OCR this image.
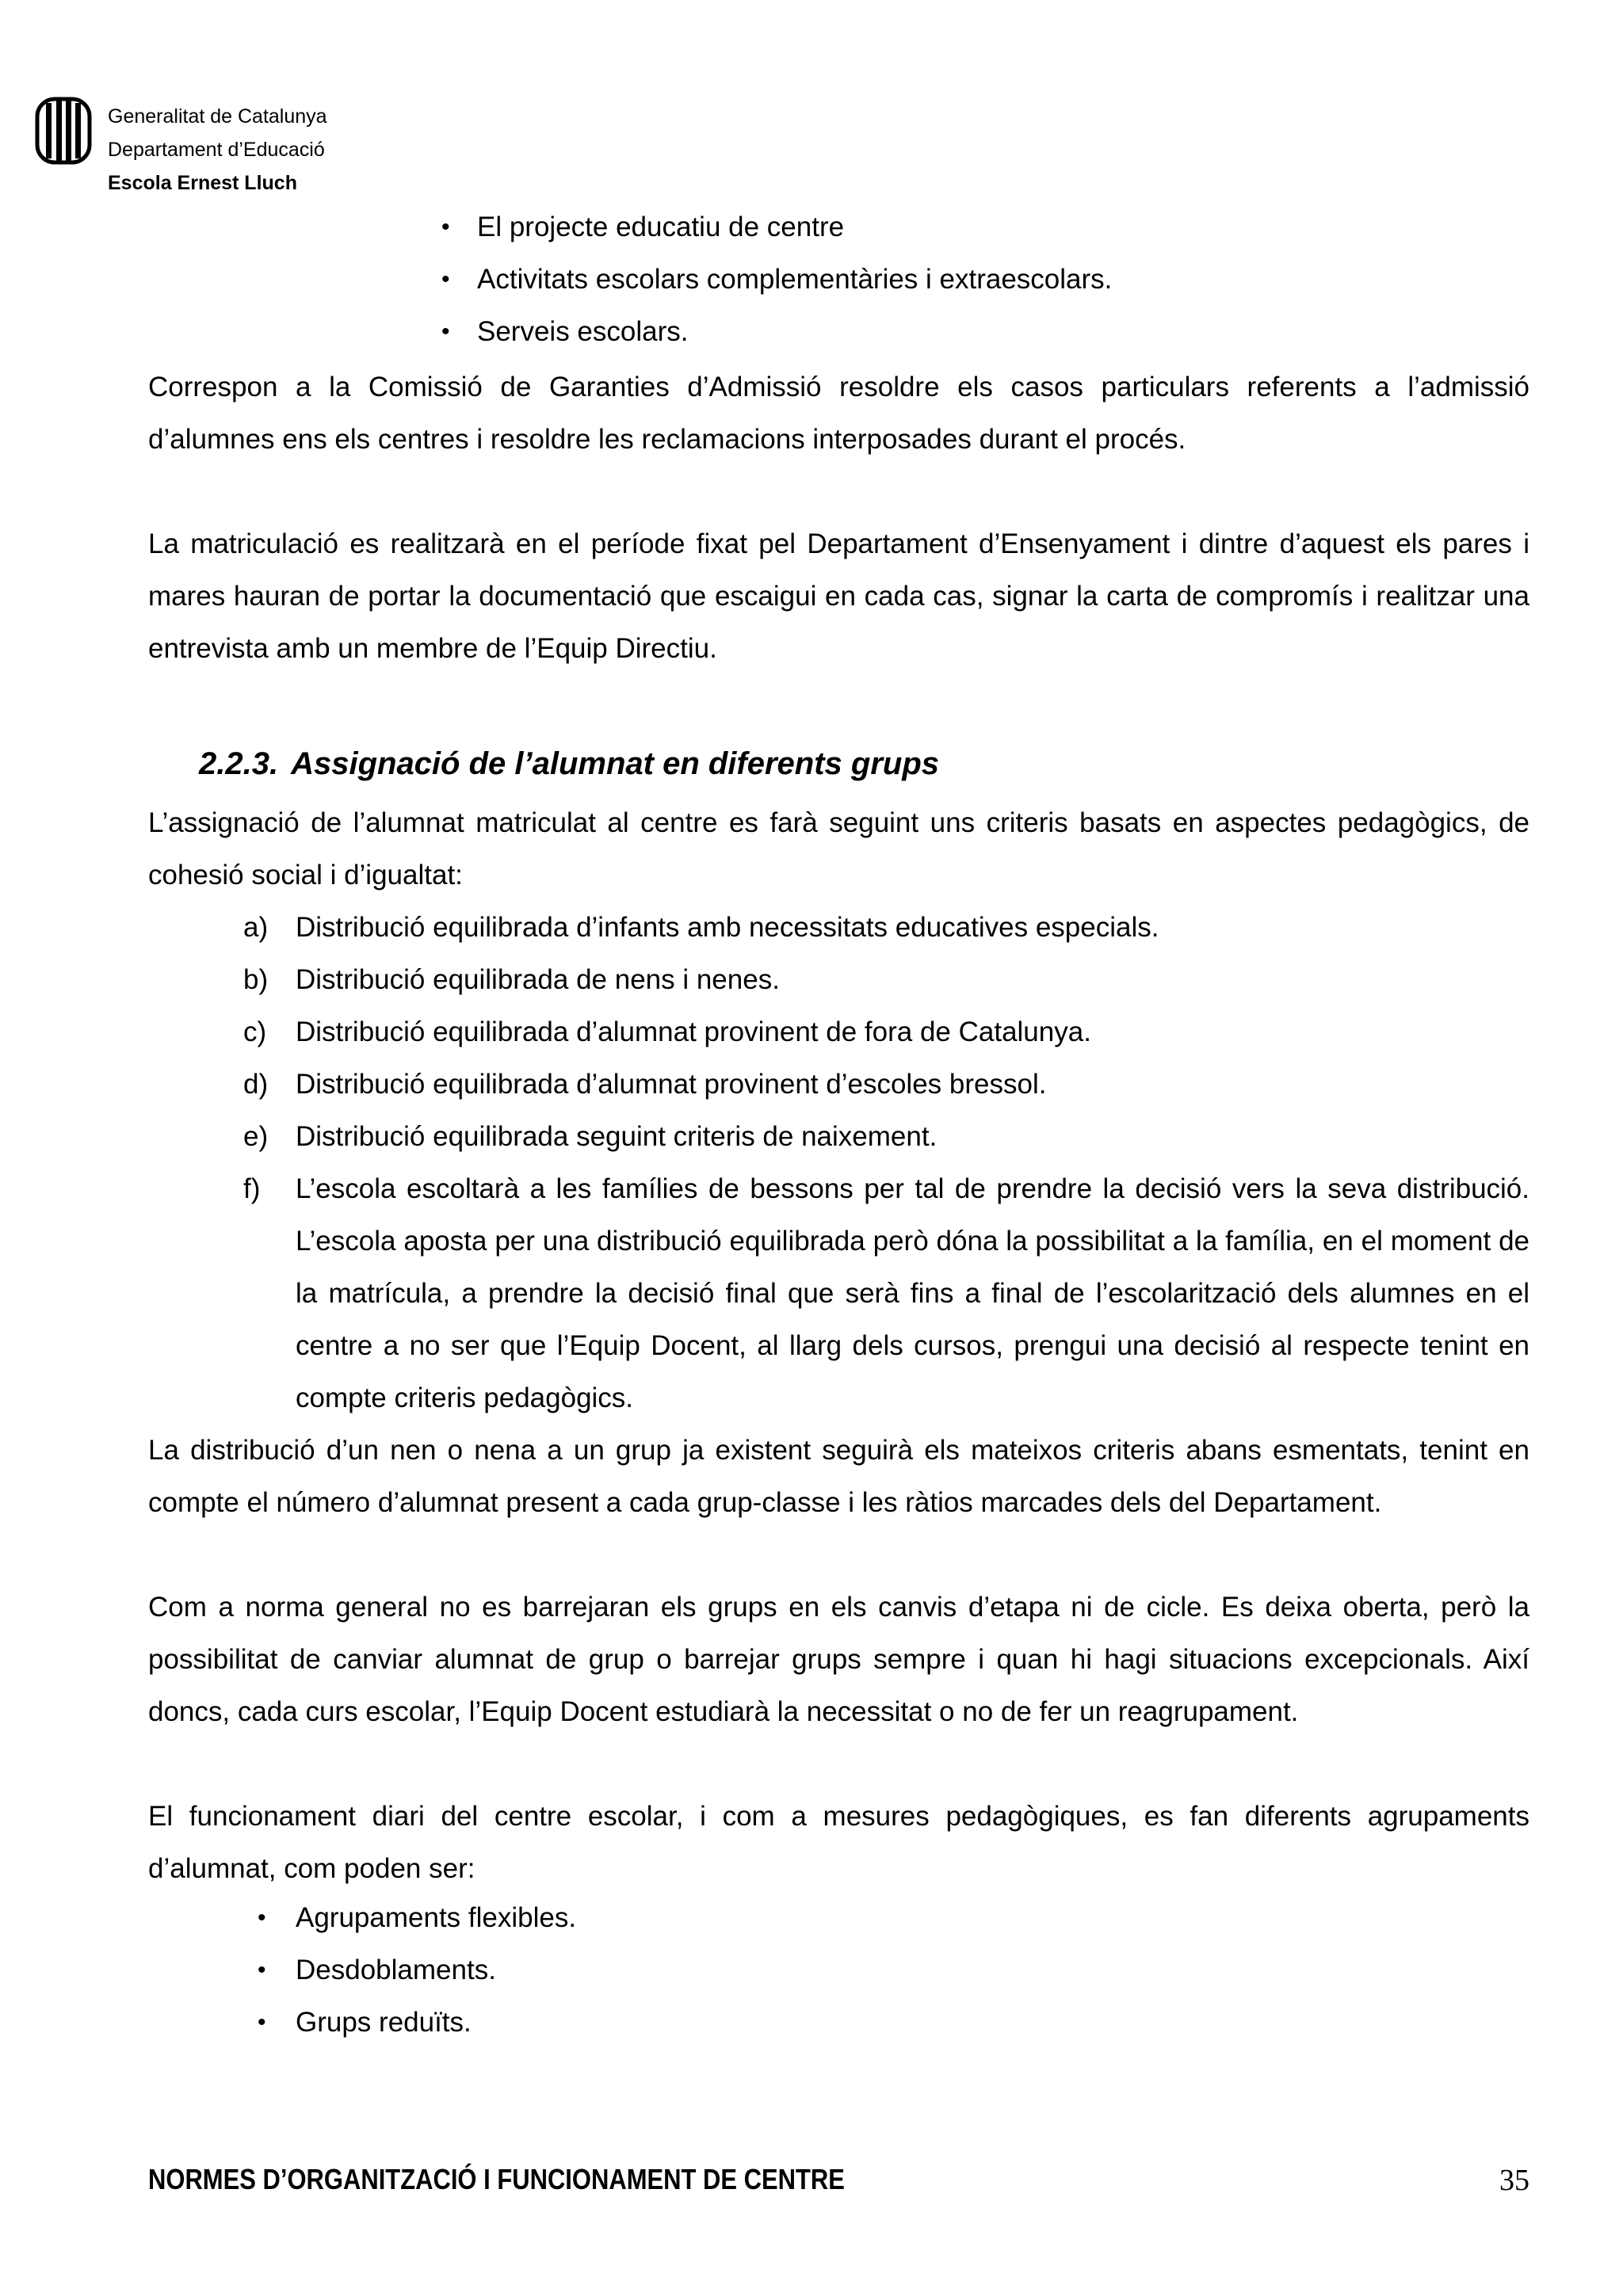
Generalitat de Catalunya
Departament d’Educació
Escola Ernest Lluch
• El projecte educatiu de centre
• Activitats escolars complementàries i extraescolars.
• Serveis escolars.

Correspon a la Comissió de Garanties d’Admissió resoldre els casos particulars referents a l’admissió d’alumnes ens els centres i resoldre les reclamacions interposades durant el procés.

La matriculació es realitzarà en el període fixat pel Departament d’Ensenyament i dintre d’aquest els pares i mares hauran de portar la documentació que escaigui en cada cas, signar la carta de compromís i realitzar una entrevista amb un membre de l’Equip Directiu.

2.2.3. Assignació de l’alumnat en diferents grups

L’assignació de l’alumnat matriculat al centre es farà seguint uns criteris basats en aspectes pedagògics, de cohesió social i d’igualtat:

a) Distribució equilibrada d’infants amb necessitats educatives especials.
b) Distribució equilibrada de nens i nenes.
c) Distribució equilibrada d’alumnat provinent de fora de Catalunya.
d) Distribució equilibrada d’alumnat provinent d’escoles bressol.
e) Distribució equilibrada seguint criteris de naixement.
f) L’escola escoltarà a les famílies de bessons per tal de prendre la decisió vers la seva distribució. L’escola aposta per una distribució equilibrada però dóna la possibilitat a la família, en el moment de la matrícula, a prendre la decisió final que serà fins a final de l’escolarització dels alumnes en el centre a no ser que l’Equip Docent, al llarg dels cursos, prengui una decisió al respecte tenint en compte criteris pedagògics.

La distribució d’un nen o nena a un grup ja existent seguirà els mateixos criteris abans esmentats, tenint en compte el número d’alumnat present a cada grup-classe i les ràtios marcades dels del Departament.

Com a norma general no es barrejaran els grups en els canvis d’etapa ni de cicle. Es deixa oberta, però la possibilitat de canviar alumnat de grup o barrejar grups sempre i quan hi hagi situacions excepcionals. Així doncs, cada curs escolar, l’Equip Docent estudiarà la necessitat o no de fer un reagrupament.

El funcionament diari del centre escolar, i com a mesures pedagògiques, es fan diferents agrupaments d’alumnat, com poden ser:

• Agrupaments flexibles.
• Desdoblaments.
• Grups reduïts.
NORMES D’ORGANITZACIÓ I FUNCIONAMENT DE CENTRE	35
